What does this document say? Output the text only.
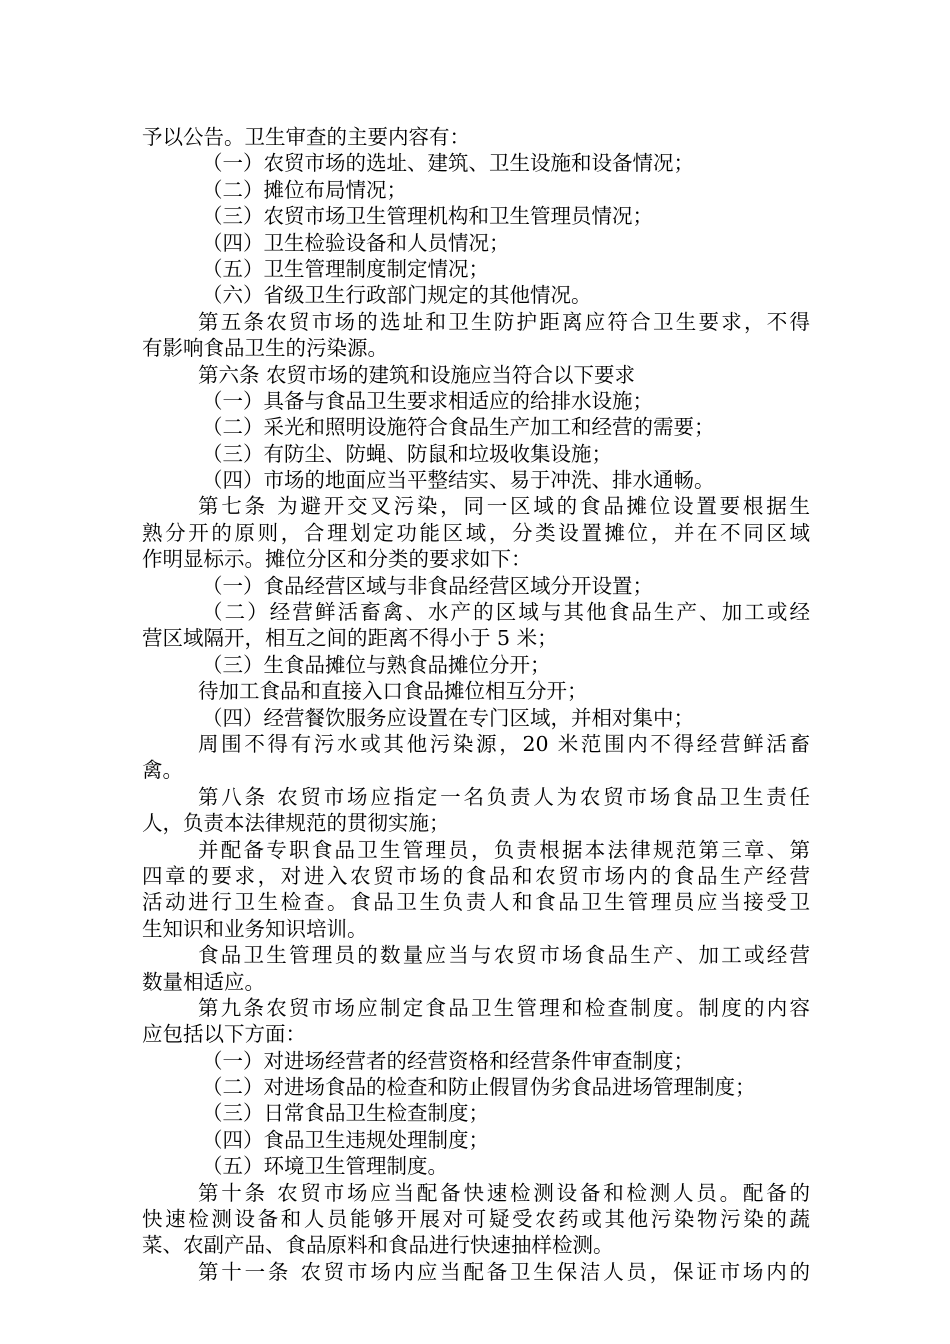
予以公告。卫生审查的主要内容有：
（一）农贸市场的选址、建筑、卫生设施和设备情况；
（二）摊位布局情况；
（三）农贸市场卫生管理机构和卫生管理员情况；
（四）卫生检验设备和人员情况；
（五）卫生管理制度制定情况；
（六）省级卫生行政部门规定的其他情况。
第五条农贸市场的选址和卫生防护距离应符合卫生要求，不得
有影响食品卫生的污染源。
第六条 农贸市场的建筑和设施应当符合以下要求
（一）具备与食品卫生要求相适应的给排水设施；
（二）采光和照明设施符合食品生产加工和经营的需要；
（三）有防尘、防蝇、防鼠和垃圾收集设施；
（四）市场的地面应当平整结实、易于冲洗、排水通畅。
第七条 为避开交叉污染，同一区域的食品摊位设置要根据生
熟分开的原则，合理划定功能区域，分类设置摊位，并在不同区域
作明显标示。摊位分区和分类的要求如下：
（一）食品经营区域与非食品经营区域分开设置；
（二）经营鲜活畜禽、水产的区域与其他食品生产、加工或经
营区域隔开，相互之间的距离不得小于 5 米；
（三）生食品摊位与熟食品摊位分开；
待加工食品和直接入口食品摊位相互分开；
（四）经营餐饮服务应设置在专门区域，并相对集中；
周围不得有污水或其他污染源，20 米范围内不得经营鲜活畜
禽。
第八条 农贸市场应指定一名负责人为农贸市场食品卫生责任
人，负责本法律规范的贯彻实施；
并配备专职食品卫生管理员，负责根据本法律规范第三章、第
四章的要求，对进入农贸市场的食品和农贸市场内的食品生产经营
活动进行卫生检查。食品卫生负责人和食品卫生管理员应当接受卫
生知识和业务知识培训。
食品卫生管理员的数量应当与农贸市场食品生产、加工或经营
数量相适应。
第九条农贸市场应制定食品卫生管理和检查制度。制度的内容
应包括以下方面：
（一）对进场经营者的经营资格和经营条件审查制度；
（二）对进场食品的检查和防止假冒伪劣食品进场管理制度；
（三）日常食品卫生检查制度；
（四）食品卫生违规处理制度；
（五）环境卫生管理制度。
第十条 农贸市场应当配备快速检测设备和检测人员。配备的
快速检测设备和人员能够开展对可疑受农药或其他污染物污染的蔬
菜、农副产品、食品原料和食品进行快速抽样检测。
第十一条 农贸市场内应当配备卫生保洁人员，保证市场内的
